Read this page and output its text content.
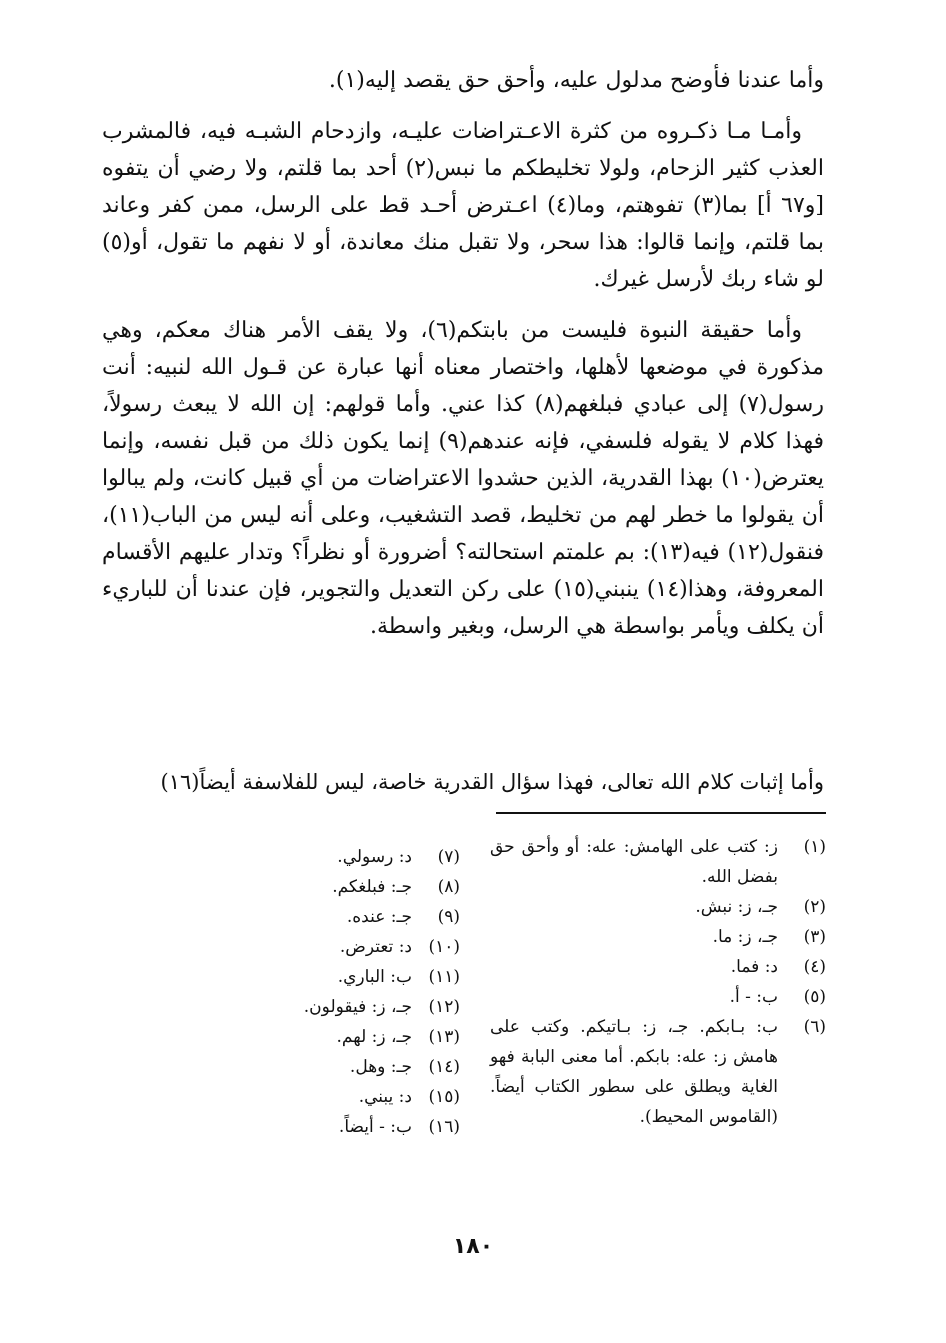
وأما عندنا فأوضح مدلول عليه، وأحق حق يقصد إليه(١).

وأمـا مـا ذكـروه من كثرة الاعـتراضات عليـه، وازدحام الشبـه فيه، فالمشرب العذب كثير الزحام، ولولا تخليطكم ما نبس(٢) أحد بما قلتم، ولا رضي أن يتفوه [و٦٧ أ] بما(٣) تفوهتم، وما(٤) اعـترض أحـد قط على الرسل، ممن كفر وعاند بما قلتم، وإنما قالوا: هذا سحر، ولا تقبل منك معاندة، أو لا نفهم ما تقول، أو(٥) لو شاء ربك لأرسل غيرك.

وأما حقيقة النبوة فليست من بابتكم(٦)، ولا يقف الأمر هناك معكم، وهي مذكورة في موضعها لأهلها، واختصار معناه أنها عبارة عن قـول الله لنبيه: أنت رسول(٧) إلى عبادي فبلغهم(٨) كذا عني. وأما قولهم: إن الله لا يبعث رسولاً، فهذا كلام لا يقوله فلسفي، فإنه عندهم(٩) إنما يكون ذلك من قبل نفسه، وإنما يعترض(١٠) بهذا القدرية، الذين حشدوا الاعتراضات من أي قبيل كانت، ولم يبالوا أن يقولوا ما خطر لهم من تخليط، قصد التشغيب، وعلى أنه ليس من الباب(١١)، فنقول(١٢) فيه(١٣): بم علمتم استحالته؟ أضرورة أو نظراً؟ وتدار عليهم الأقسام المعروفة، وهذا(١٤) ينبني(١٥) على ركن التعديل والتجوير، فإن عندنا أن للباريء أن يكلف ويأمر بواسطة هي الرسل، وبغير واسطة.

وأما إثبات كلام الله تعالى، فهذا سؤال القدرية خاصة، ليس للفلاسفة أيضاً(١٦)
(١)
ز: كتب على الهامش: عله: أو وأحق حق بفضل الله.
(٢)
جـ، ز: نبش.
(٣)
جـ، ز: ما.
(٤)
د: فما.
(٥)
ب: - أ.
(٦)
ب: بـابكم. جـ، ز: بـاتيكم. وكتب على هامش ز: عله: بابكم. أما معنى البابة فهو الغاية ويطلق على سطور الكتاب أيضاً. (القاموس المحيط).
(٧)
د: رسولي.
(٨)
جـ: فبلغكم.
(٩)
جـ: عنده.
(١٠)
د: تعترض.
(١١)
ب: الباري.
(١٢)
جـ، ز: فيقولون.
(١٣)
جـ، ز: لهم.
(١٤)
جـ: وهل.
(١٥)
د: يبني.
(١٦)
ب: - أيضاً.
١٨٠
